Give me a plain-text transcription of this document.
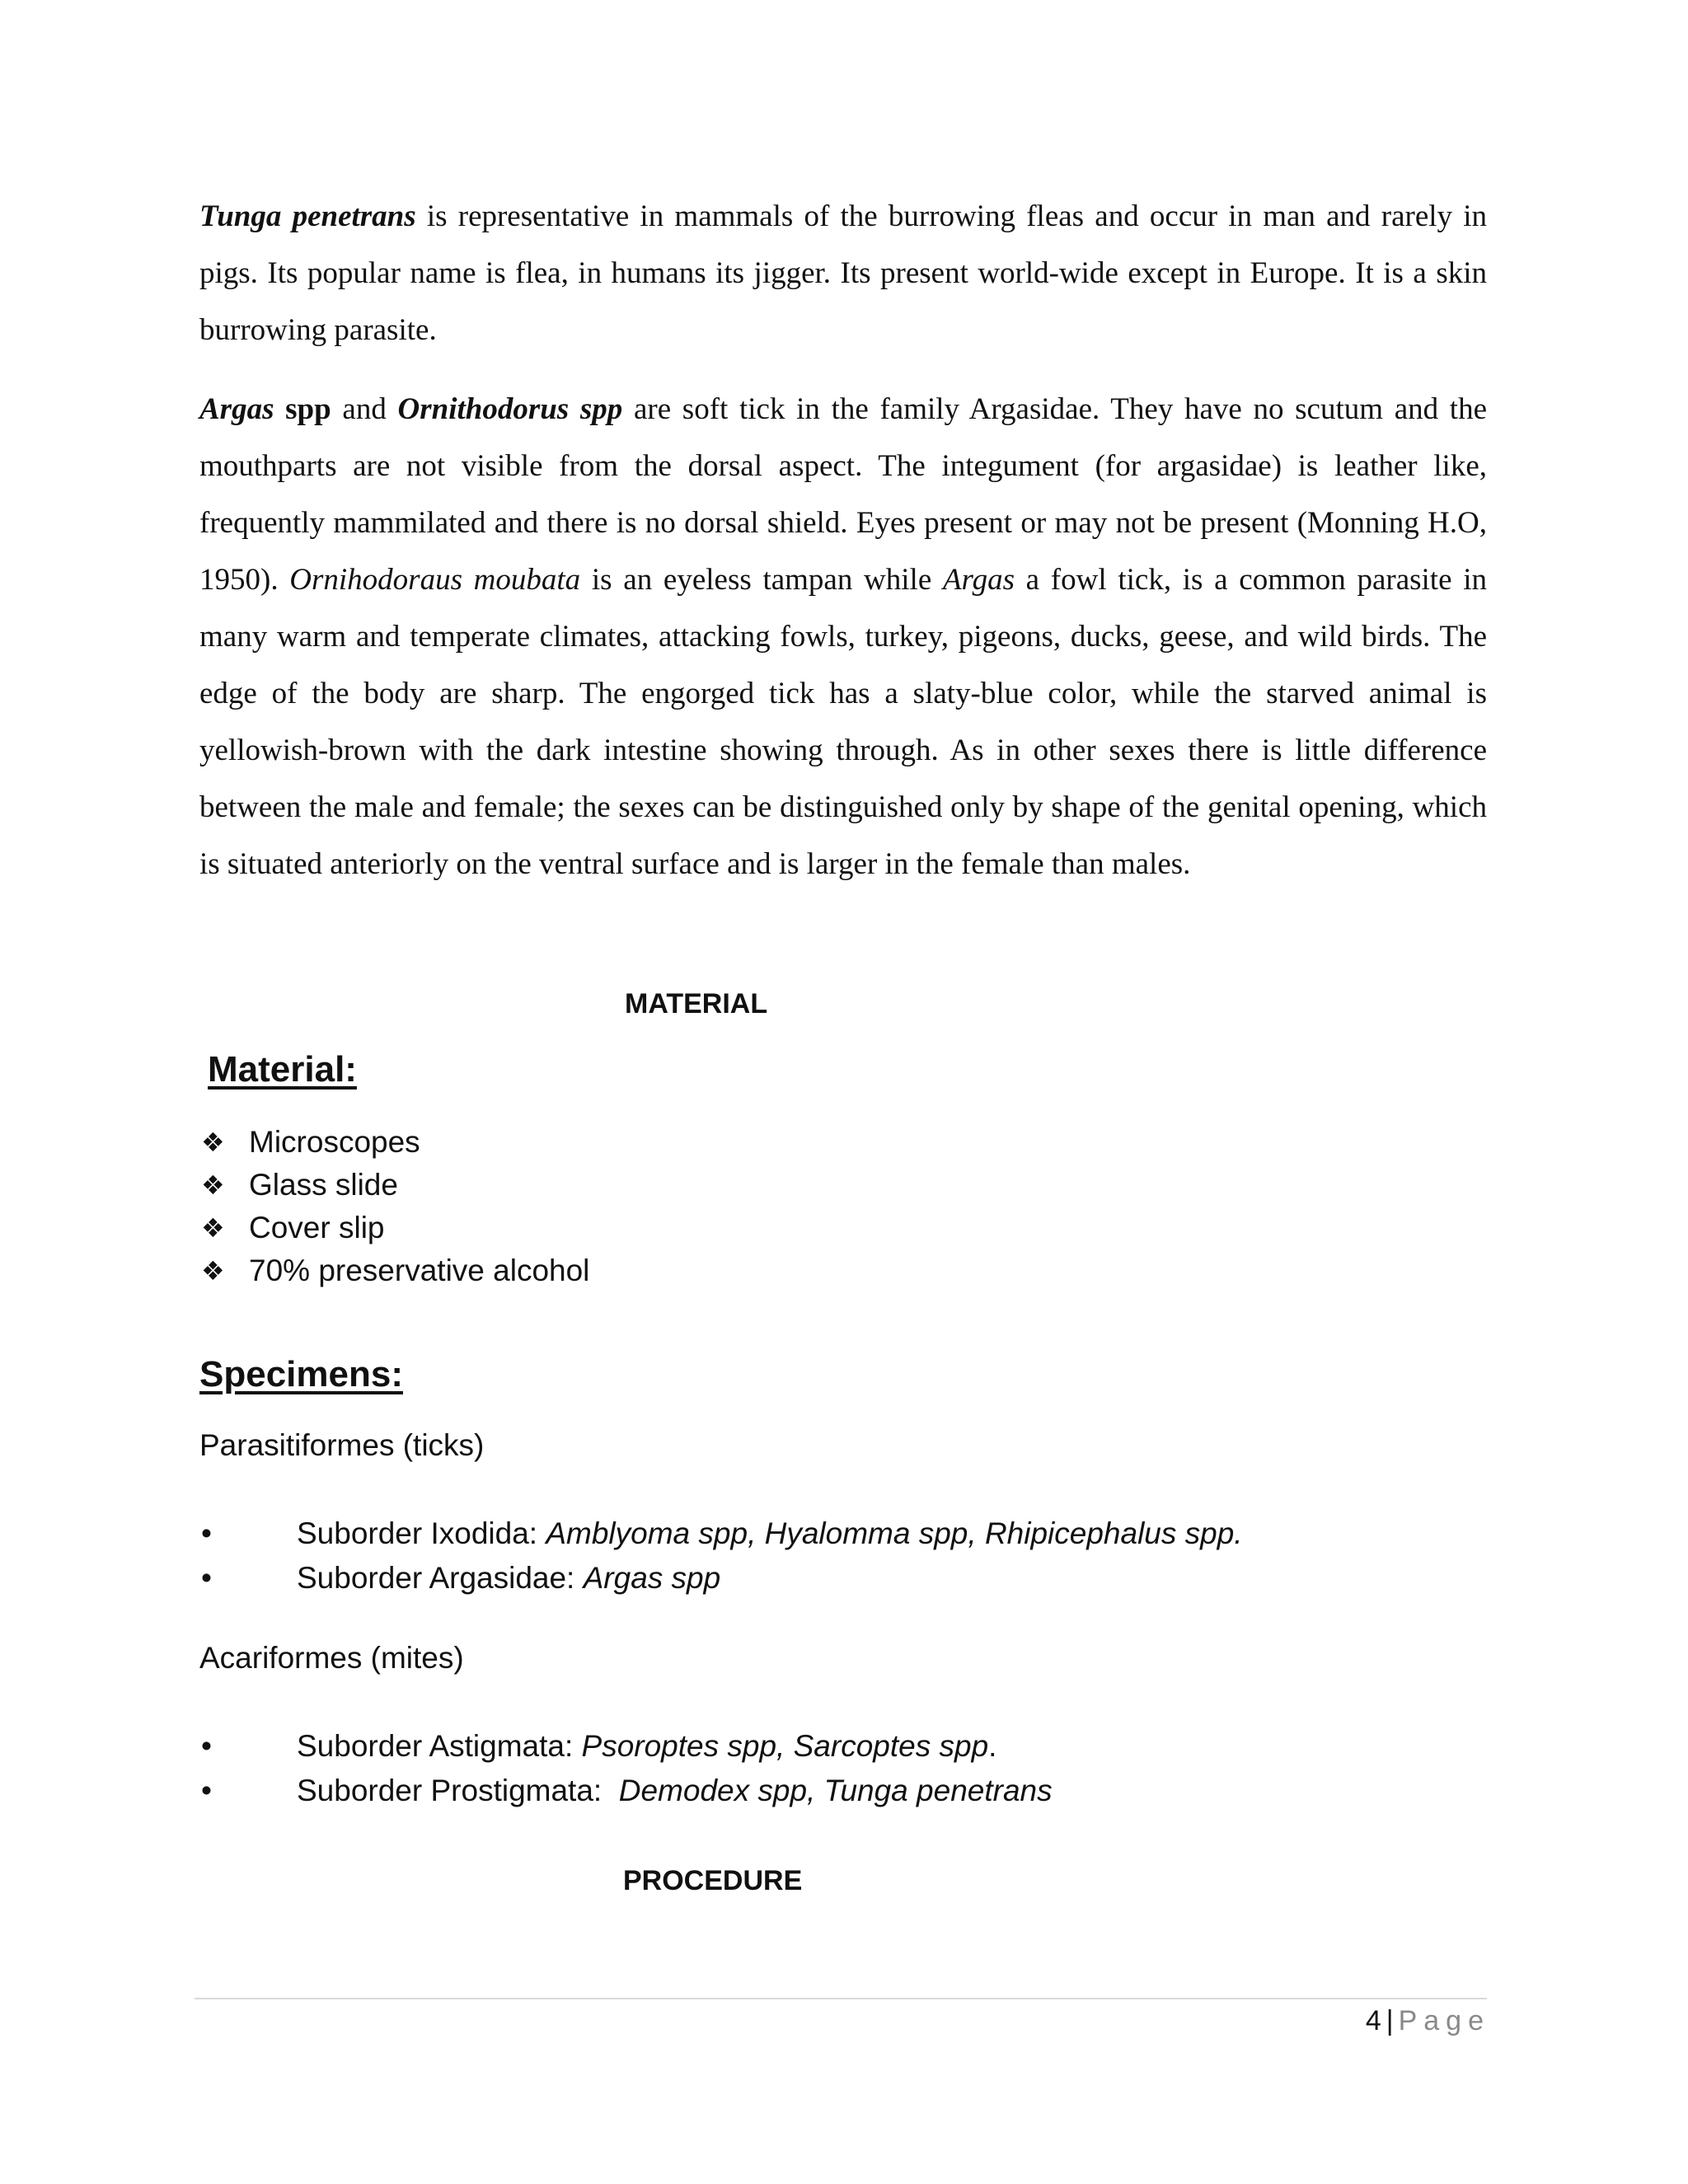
Tunga penetrans is representative in mammals of the burrowing fleas and occur in man and rarely in pigs. Its popular name is flea, in humans its jigger. Its present world-wide except in Europe. It is a skin burrowing parasite.

Argas spp and Ornithodorus spp are soft tick in the family Argasidae. They have no scutum and the mouthparts are not visible from the dorsal aspect. The integument (for argasidae) is leather like, frequently mammilated and there is no dorsal shield. Eyes present or may not be present (Monning H.O, 1950). Ornihodoraus moubata is an eyeless tampan while Argas a fowl tick, is a common parasite in many warm and temperate climates, attacking fowls, turkey, pigeons, ducks, geese, and wild birds. The edge of the body are sharp. The engorged tick has a slaty-blue color, while the starved animal is yellowish-brown with the dark intestine showing through. As in other sexes there is little difference between the male and female; the sexes can be distinguished only by shape of the genital opening, which is situated anteriorly on the ventral surface and is larger in the female than males.

MATERIAL
Material:
❖ Microscopes
❖ Glass slide
❖ Cover slip
❖ 70% preservative alcohol
Specimens:
Parasitiformes (ticks)
•	Suborder Ixodida: Amblyoma spp, Hyalomma spp, Rhipicephalus spp.
•	Suborder Argasidae: Argas spp
Acariformes (mites)
•	Suborder Astigmata: Psoroptes spp, Sarcoptes spp.
•	Suborder Prostigmata:  Demodex spp, Tunga penetrans
PROCEDURE
4 | Page
